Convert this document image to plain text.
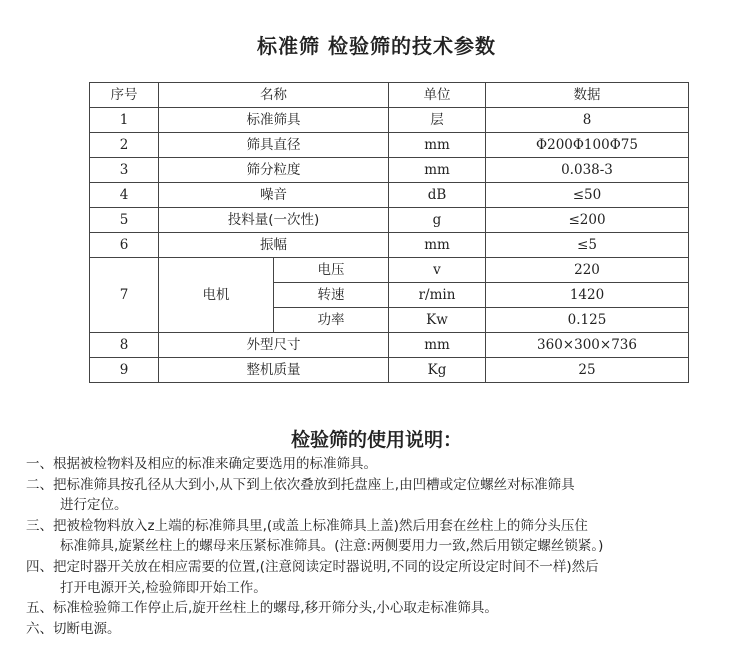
标准筛 检验筛的技术参数
序号	名称		单位	数据
1	标准筛具		层	8
2	筛具直径		mm	Φ200Φ100Φ75
3	筛分粒度		mm	0.038-3
4	噪音		dB	≤50
5	投料量(一次性)		g	≤200
6	振幅		mm	≤5
7	电机	电压	v	220
		转速	r/min	1420
		功率	Kw	0.125
8	外型尺寸		mm	360×300×736
9	整机质量		Kg	25
检验筛的使用说明：
一、根据被检物料及相应的标准来确定要选用的标准筛具。
二、把标准筛具按孔径从大到小,从下到上依次叠放到托盘座上,由凹槽或定位螺丝对标准筛具
进行定位。
三、把被检物料放入z上端的标准筛具里,(或盖上标准筛具上盖)然后用套在丝柱上的筛分头压住
标准筛具,旋紧丝柱上的螺母来压紧标准筛具。(注意:两侧要用力一致,然后用锁定螺丝锁紧。)
四、把定时器开关放在相应需要的位置,(注意阅读定时器说明,不同的设定所设定时间不一样)然后
打开电源开关,检验筛即开始工作。
五、标准检验筛工作停止后,旋开丝柱上的螺母,移开筛分头,小心取走标准筛具。
六、切断电源。
